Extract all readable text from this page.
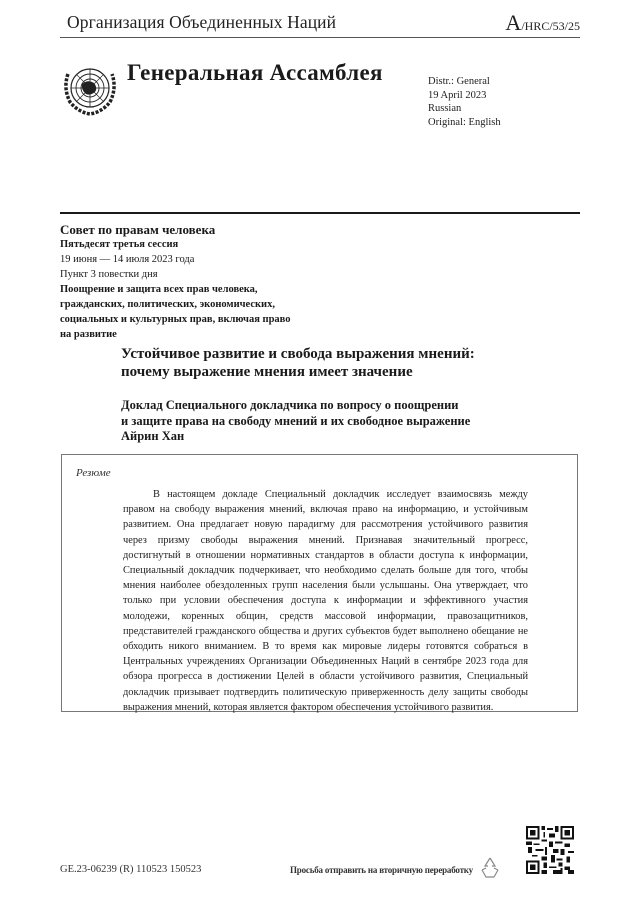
Организация Объединенных Наций	A/HRC/53/25
Генеральная Ассамблея	Distr.: General
19 April 2023
Russian
Original: English
Совет по правам человека
Пятьдесят третья сессия
19 июня — 14 июля 2023 года
Пункт 3 повестки дня
Поощрение и защита всех прав человека, гражданских, политических, экономических, социальных и культурных прав, включая право на развитие
Устойчивое развитие и свобода выражения мнений:
почему выражение мнения имеет значение
Доклад Специального докладчика по вопросу о поощрении
и защите права на свободу мнений и их свободное выражение
Айрин Хан
Резюме
В настоящем докладе Специальный докладчик исследует взаимосвязь между правом на свободу выражения мнений, включая право на информацию, и устойчивым развитием. Она предлагает новую парадигму для рассмотрения устойчивого развития через призму свободы выражения мнений. Признавая значительный прогресс, достигнутый в отношении нормативных стандартов в области доступа к информации, Специальный докладчик подчеркивает, что необходимо сделать больше для того, чтобы мнения наиболее обездоленных групп населения были услышаны. Она утверждает, что только при условии обеспечения доступа к информации и эффективного участия молодежи, коренных общин, средств массовой информации, правозащитников, представителей гражданского общества и других субъектов будет выполнено обещание не обходить никого вниманием. В то время как мировые лидеры готовятся собраться в Центральных учреждениях Организации Объединенных Наций в сентябре 2023 года для обзора прогресса в достижении Целей в области устойчивого развития, Специальный докладчик призывает подтвердить политическую приверженность делу защиты свободы выражения мнений, которая является фактором обеспечения устойчивого развития.
GE.23-06239 (R) 110523 150523	Просьба отправить на вторичную переработку
